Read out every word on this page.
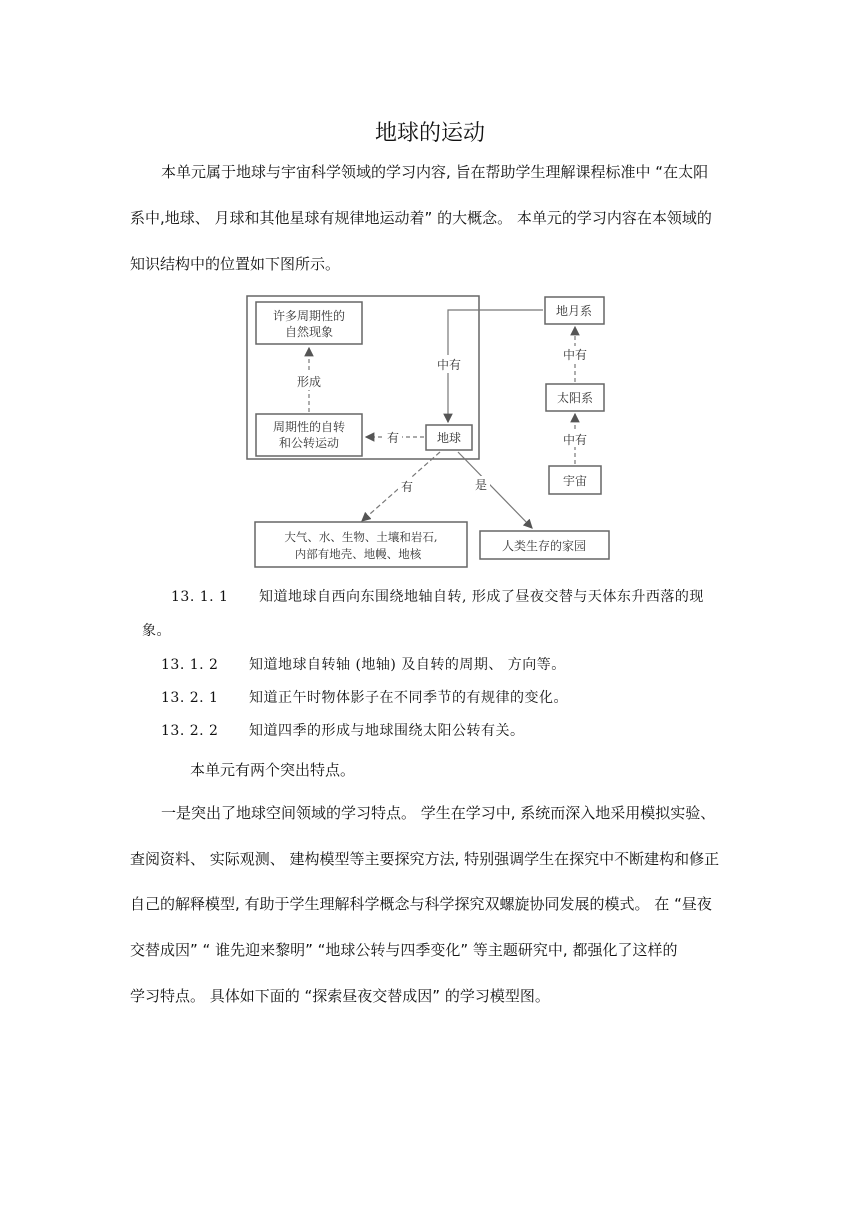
地球的运动
本单元属于地球与宇宙科学领域的学习内容, 旨在帮助学生理解课程标准中 “在太阳
系中,地球、 月球和其他星球有规律地运动着” 的大概念。 本单元的学习内容在本领域的
知识结构中的位置如下图所示。
许多周期性的
自然现象
周期性的自转
和公转运动
形成
地球
有
地月系
太阳系
宇宙
中有
中有
中有
有	是
大气、水、生物、土壤和岩石,
内部有地壳、地幔、地核
人类生存的家园
13. 1. 1 知道地球自西向东围绕地轴自转, 形成了昼夜交替与天体东升西落的现
象。
13. 1. 2 知道地球自转轴 (地轴) 及自转的周期、 方向等。
13. 2. 1 知道正午时物体影子在不同季节的有规律的变化。
13. 2. 2 知道四季的形成与地球围绕太阳公转有关。
本单元有两个突出特点。
一是突出了地球空间领域的学习特点。 学生在学习中, 系统而深入地采用模拟实验、
查阅资料、 实际观测、 建构模型等主要探究方法, 特别强调学生在探究中不断建构和修正
自己的解释模型, 有助于学生理解科学概念与科学探究双螺旋协同发展的模式。 在 “昼夜
交替成因” “ 谁先迎来黎明” “地球公转与四季变化” 等主题研究中, 都强化了这样的
学习特点。 具体如下面的 “探索昼夜交替成因” 的学习模型图。
